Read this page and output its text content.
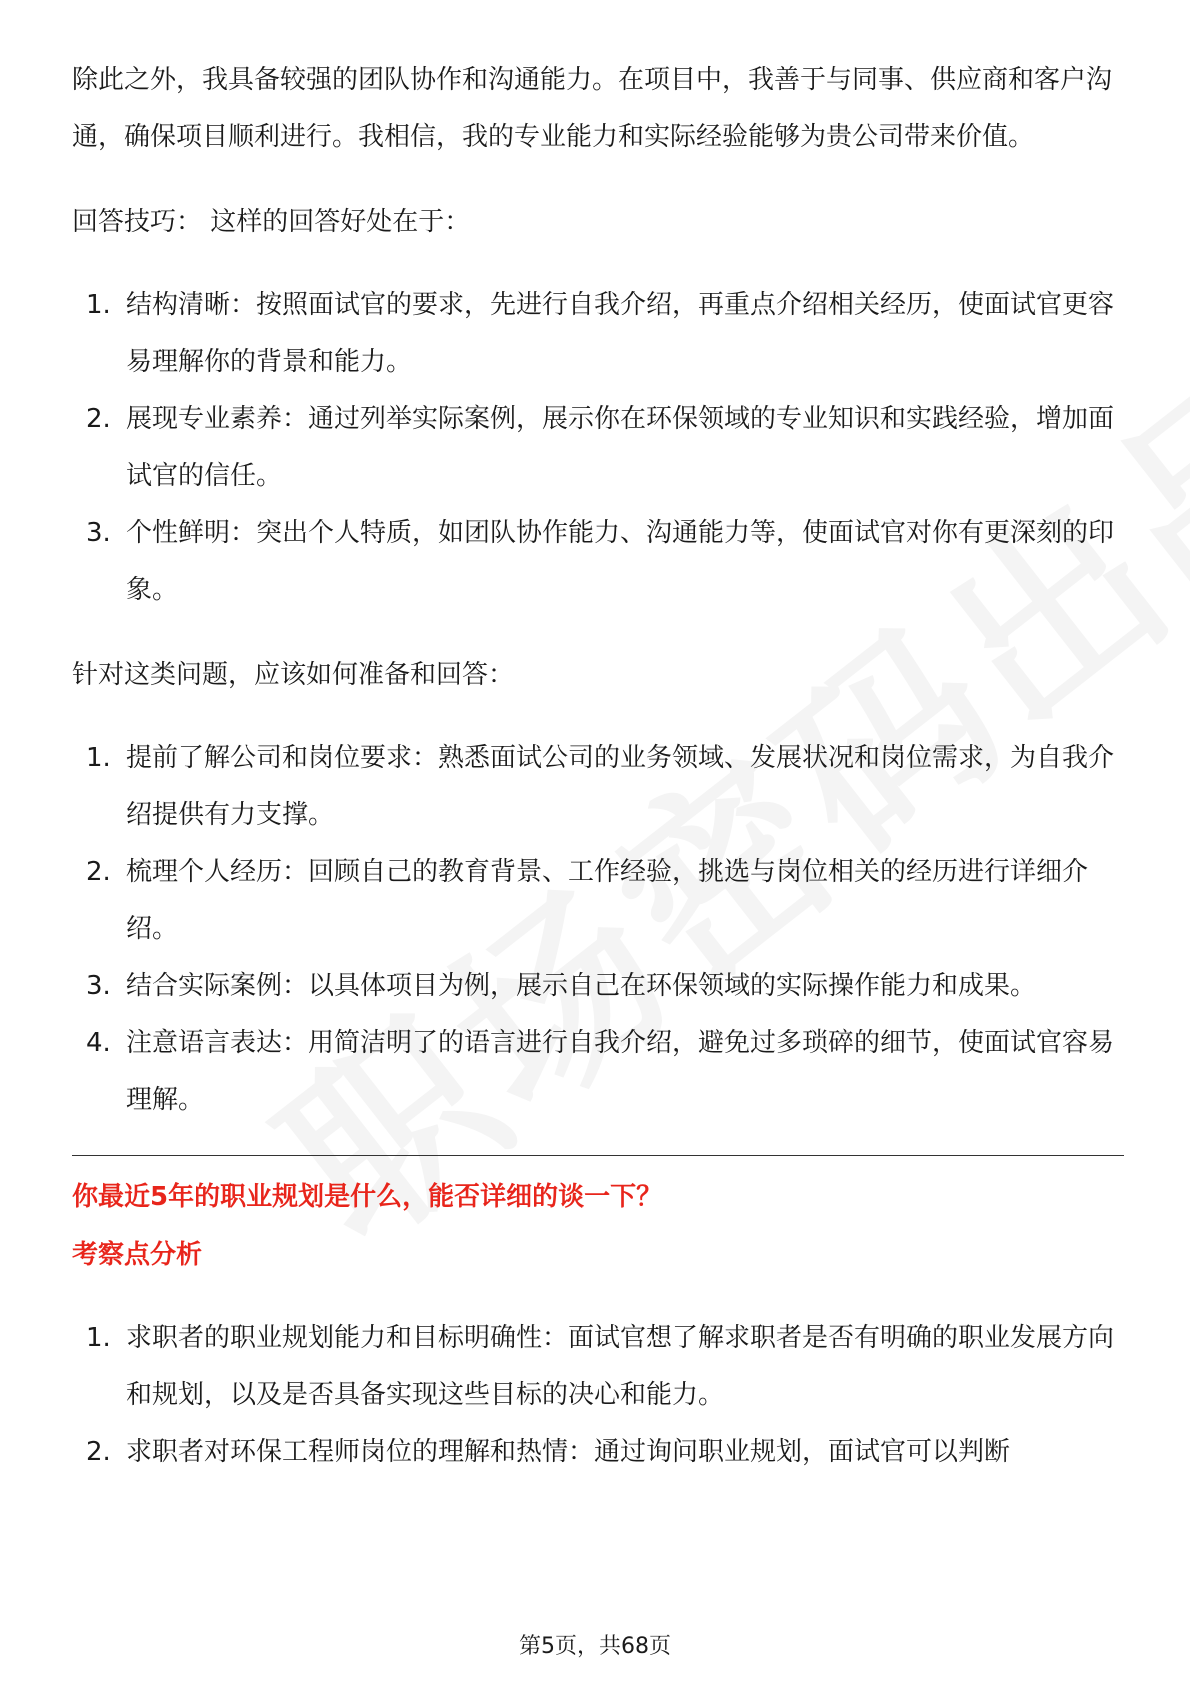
除此之外，我具备较强的团队协作和沟通能力。在项目中，我善于与同事、供应商和客户沟通，确保项目顺利进行。我相信，我的专业能力和实际经验能够为贵公司带来价值。

回答技巧： 这样的回答好处在于：

1. 结构清晰：按照面试官的要求，先进行自我介绍，再重点介绍相关经历，使面试官更容易理解你的背景和能力。
2. 展现专业素养：通过列举实际案例，展示你在环保领域的专业知识和实践经验，增加面试官的信任。
3. 个性鲜明：突出个人特质，如团队协作能力、沟通能力等，使面试官对你有更深刻的印象。

针对这类问题，应该如何准备和回答：

1. 提前了解公司和岗位要求：熟悉面试公司的业务领域、发展状况和岗位需求，为自我介绍提供有力支撑。
2. 梳理个人经历：回顾自己的教育背景、工作经验，挑选与岗位相关的经历进行详细介绍。
3. 结合实际案例：以具体项目为例，展示自己在环保领域的实际操作能力和成果。
4. 注意语言表达：用简洁明了的语言进行自我介绍，避免过多琐碎的细节，使面试官容易理解。

你最近5年的职业规划是什么，能否详细的谈一下？

考察点分析

1. 求职者的职业规划能力和目标明确性：面试官想了解求职者是否有明确的职业发展方向和规划，以及是否具备实现这些目标的决心和能力。
2. 求职者对环保工程师岗位的理解和热情：通过询问职业规划，面试官可以判断
第5页，共68页
